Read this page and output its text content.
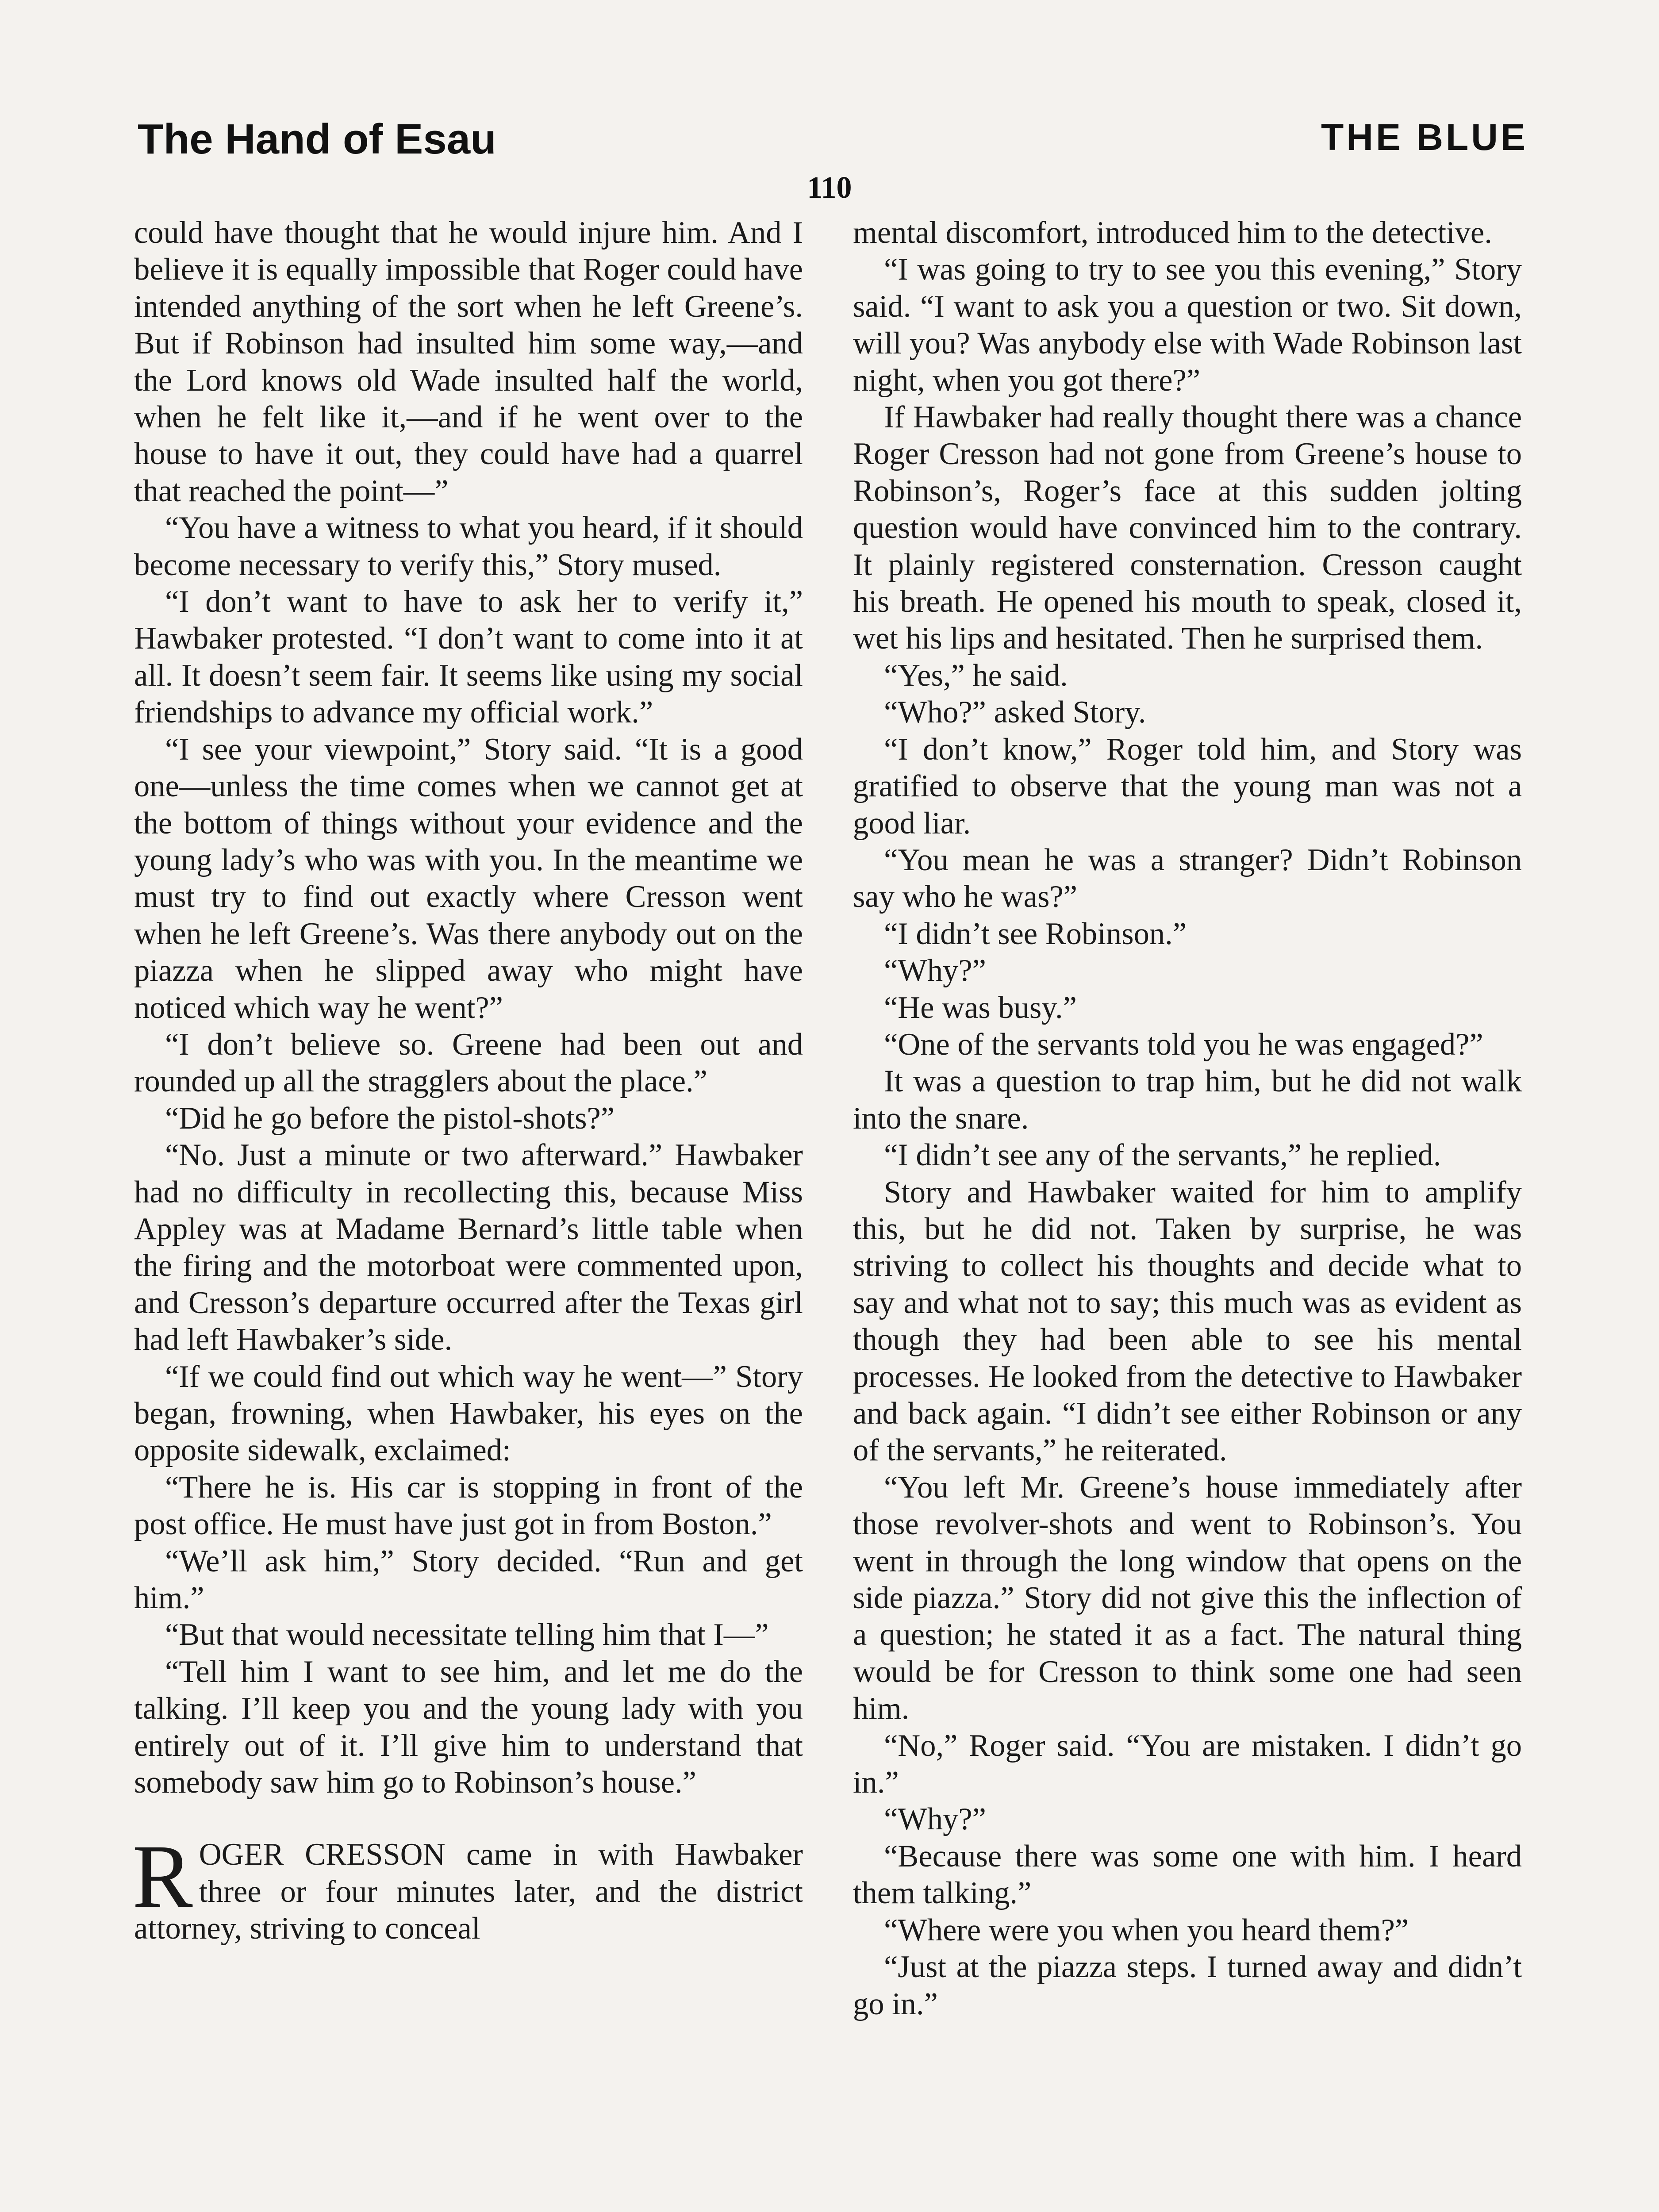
The Hand of Esau	THE BLUE
110

could have thought that he would injure him. And I believe it is equally impossible that Roger could have intended anything of the sort when he left Greene’s. But if Robinson had insulted him some way,—and the Lord knows old Wade insulted half the world, when he felt like it,—and if he went over to the house to have it out, they could have had a quarrel that reached the point—”

“You have a witness to what you heard, if it should become necessary to verify this,” Story mused.

“I don’t want to have to ask her to verify it,” Hawbaker protested. “I don’t want to come into it at all. It doesn’t seem fair. It seems like using my social friendships to advance my official work.”

“I see your viewpoint,” Story said. “It is a good one—unless the time comes when we cannot get at the bottom of things without your evidence and the young lady’s who was with you. In the meantime we must try to find out exactly where Cresson went when he left Greene’s. Was there anybody out on the piazza when he slipped away who might have noticed which way he went?”

“I don’t believe so. Greene had been out and rounded up all the stragglers about the place.”

“Did he go before the pistol-shots?”

“No. Just a minute or two afterward.” Hawbaker had no difficulty in recollecting this, because Miss Appley was at Madame Bernard’s little table when the firing and the motorboat were commented upon, and Cresson’s departure occurred after the Texas girl had left Hawbaker’s side.

“If we could find out which way he went—” Story began, frowning, when Hawbaker, his eyes on the opposite sidewalk, exclaimed:

“There he is. His car is stopping in front of the post office. He must have just got in from Boston.”

“We’ll ask him,” Story decided. “Run and get him.”

“But that would necessitate telling him that I—”

“Tell him I want to see him, and let me do the talking. I’ll keep you and the young lady with you entirely out of it. I’ll give him to understand that somebody saw him go to Robinson’s house.”

ROGER CRESSON came in with Hawbaker three or four minutes later, and the district attorney, striving to conceal

mental discomfort, introduced him to the detective.

“I was going to try to see you this evening,” Story said. “I want to ask you a question or two. Sit down, will you? Was anybody else with Wade Robinson last night, when you got there?”

If Hawbaker had really thought there was a chance Roger Cresson had not gone from Greene’s house to Robinson’s, Roger’s face at this sudden jolting question would have convinced him to the contrary. It plainly registered consternation. Cresson caught his breath. He opened his mouth to speak, closed it, wet his lips and hesitated. Then he surprised them.

“Yes,” he said.

“Who?” asked Story.

“I don’t know,” Roger told him, and Story was gratified to observe that the young man was not a good liar.

“You mean he was a stranger? Didn’t Robinson say who he was?”

“I didn’t see Robinson.”

“Why?”

“He was busy.”

“One of the servants told you he was engaged?”

It was a question to trap him, but he did not walk into the snare.

“I didn’t see any of the servants,” he replied.

Story and Hawbaker waited for him to amplify this, but he did not. Taken by surprise, he was striving to collect his thoughts and decide what to say and what not to say; this much was as evident as though they had been able to see his mental processes. He looked from the detective to Hawbaker and back again. “I didn’t see either Robinson or any of the servants,” he reiterated.

“You left Mr. Greene’s house immediately after those revolver-shots and went to Robinson’s. You went in through the long window that opens on the side piazza.” Story did not give this the inflection of a question; he stated it as a fact. The natural thing would be for Cresson to think some one had seen him.

“No,” Roger said. “You are mistaken. I didn’t go in.”

“Why?”

“Because there was some one with him. I heard them talking.”

“Where were you when you heard them?”

“Just at the piazza steps. I turned away and didn’t go in.”
